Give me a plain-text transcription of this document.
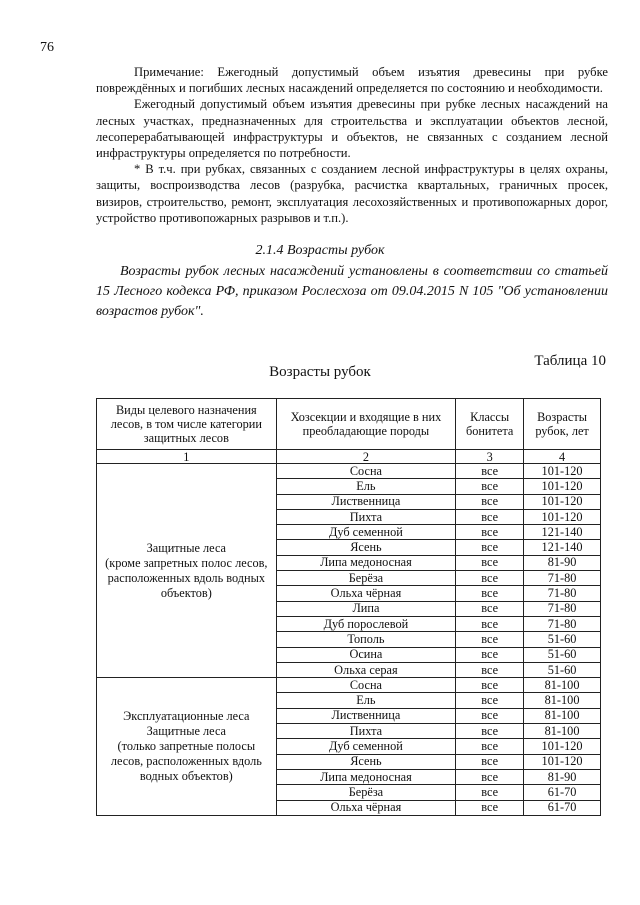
76

Примечание: Ежегодный допустимый объем изъятия древесины при рубке повреждённых и погибших лесных насаждений определяется по состоянию и необходимости.

Ежегодный допустимый объем изъятия древесины при рубке лесных насаждений на лесных участках, предназначенных для строительства и эксплуатации объектов лесной, лесоперерабатывающей инфраструктуры и объектов, не связанных с созданием лесной инфраструктуры определяется по потребности.

* В т.ч. при рубках, связанных с созданием лесной инфраструктуры в целях охраны, защиты, воспроизводства лесов (разрубка, расчистка квартальных, граничных просек, визиров, строительство, ремонт, эксплуатация лесохозяйственных и противопожарных дорог, устройство противопожарных разрывов и т.п.).

2.1.4 Возрасты рубок
Возрасты рубок лесных насаждений установлены в соответствии со статьей 15 Лесного кодекса РФ, приказом Рослесхоза от 09.04.2015 N 105 "Об установлении возрастов рубок".
Таблица 10
Возрасты рубок
Виды целевого назначения лесов, в том числе категории защитных лесов	Хозсекции и входящие в них преобладающие породы	Классы бонитета	Возрасты рубок, лет
1	2	3	4
Защитные леса
(кроме запретных полос лесов, расположенных вдоль водных объектов)	Сосна	все	101-120
	Ель	все	101-120
	Лиственница	все	101-120
	Пихта	все	101-120
	Дуб семенной	все	121-140
	Ясень	все	121-140
	Липа медоносная	все	81-90
	Берёза	все	71-80
	Ольха чёрная	все	71-80
	Липа	все	71-80
	Дуб порослевой	все	71-80
	Тополь	все	51-60
	Осина	все	51-60
	Ольха серая	все	51-60
Эксплуатационные леса
Защитные леса
(только запретные полосы лесов, расположенных вдоль водных объектов)	Сосна	все	81-100
	Ель	все	81-100
	Лиственница	все	81-100
	Пихта	все	81-100
	Дуб семенной	все	101-120
	Ясень	все	101-120
	Липа медоносная	все	81-90
	Берёза	все	61-70
	Ольха чёрная	все	61-70
